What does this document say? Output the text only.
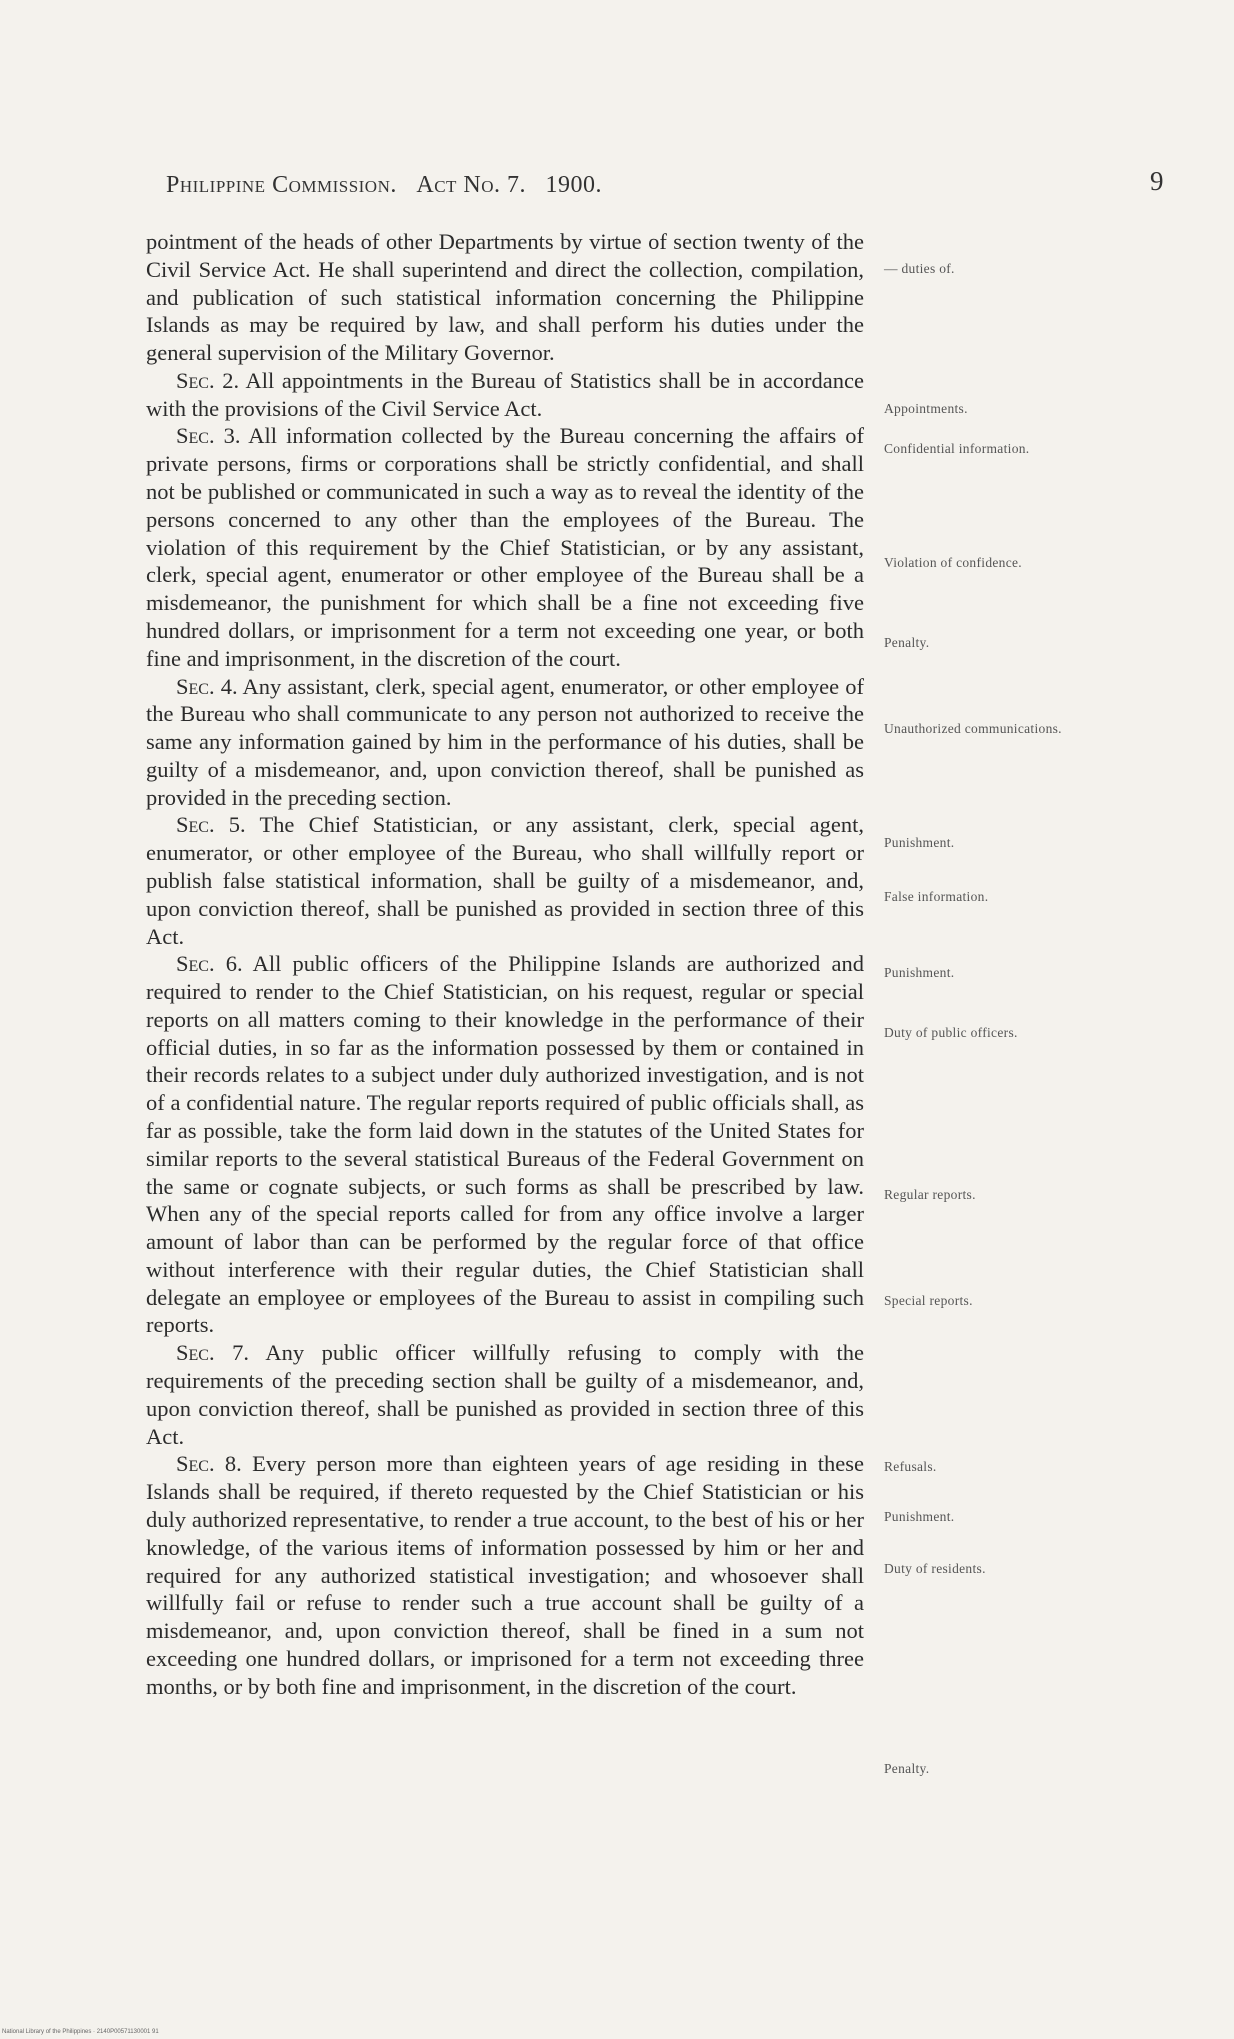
Philippine Commission. Act No. 7. 1900.	9

pointment of the heads of other Departments by virtue of section twenty of the Civil Service Act. He shall superintend and direct the collection, compilation, and publication of such statistical information concerning the Philippine Islands as may be required by law, and shall perform his duties under the general supervision of the Military Governor.

Sec. 2. All appointments in the Bureau of Statistics shall be in accordance with the provisions of the Civil Service Act.

Sec. 3. All information collected by the Bureau concerning the affairs of private persons, firms or corporations shall be strictly confidential, and shall not be published or communicated in such a way as to reveal the identity of the persons concerned to any other than the employees of the Bureau. The violation of this requirement by the Chief Statistician, or by any assistant, clerk, special agent, enumerator or other employee of the Bureau shall be a misdemeanor, the punishment for which shall be a fine not exceeding five hundred dollars, or imprisonment for a term not exceeding one year, or both fine and imprisonment, in the discretion of the court.

Sec. 4. Any assistant, clerk, special agent, enumerator, or other employee of the Bureau who shall communicate to any person not authorized to receive the same any information gained by him in the performance of his duties, shall be guilty of a misdemeanor, and, upon conviction thereof, shall be punished as provided in the preceding section.

Sec. 5. The Chief Statistician, or any assistant, clerk, special agent, enumerator, or other employee of the Bureau, who shall willfully report or publish false statistical information, shall be guilty of a misdemeanor, and, upon conviction thereof, shall be punished as provided in section three of this Act.

Sec. 6. All public officers of the Philippine Islands are authorized and required to render to the Chief Statistician, on his request, regular or special reports on all matters coming to their knowledge in the performance of their official duties, in so far as the information possessed by them or contained in their records relates to a subject under duly authorized investigation, and is not of a confidential nature. The regular reports required of public officials shall, as far as possible, take the form laid down in the statutes of the United States for similar reports to the several statistical Bureaus of the Federal Government on the same or cognate subjects, or such forms as shall be prescribed by law. When any of the special reports called for from any office involve a larger amount of labor than can be performed by the regular force of that office without interference with their regular duties, the Chief Statistician shall delegate an employee or employees of the Bureau to assist in compiling such reports.

Sec. 7. Any public officer willfully refusing to comply with the requirements of the preceding section shall be guilty of a misdemeanor, and, upon conviction thereof, shall be punished as provided in section three of this Act.

Sec. 8. Every person more than eighteen years of age residing in these Islands shall be required, if thereto requested by the Chief Statistician or his duly authorized representative, to render a true account, to the best of his or her knowledge, of the various items of information possessed by him or her and required for any authorized statistical investigation; and whosoever shall willfully fail or refuse to render such a true account shall be guilty of a misdemeanor, and, upon conviction thereof, shall be fined in a sum not exceeding one hundred dollars, or imprisoned for a term not exceeding three months, or by both fine and imprisonment, in the discretion of the court.

— duties of.
Appointments.
Confidential information.
Violation of confidence.
Penalty.
Unauthorized communications.
Punishment.
False information.
Punishment.
Duty of public officers.
Regular reports.
Special reports.
Refusals.
Punishment.
Duty of residents.
Penalty.
National Library of the Philippines · 2140P00571130001 91
